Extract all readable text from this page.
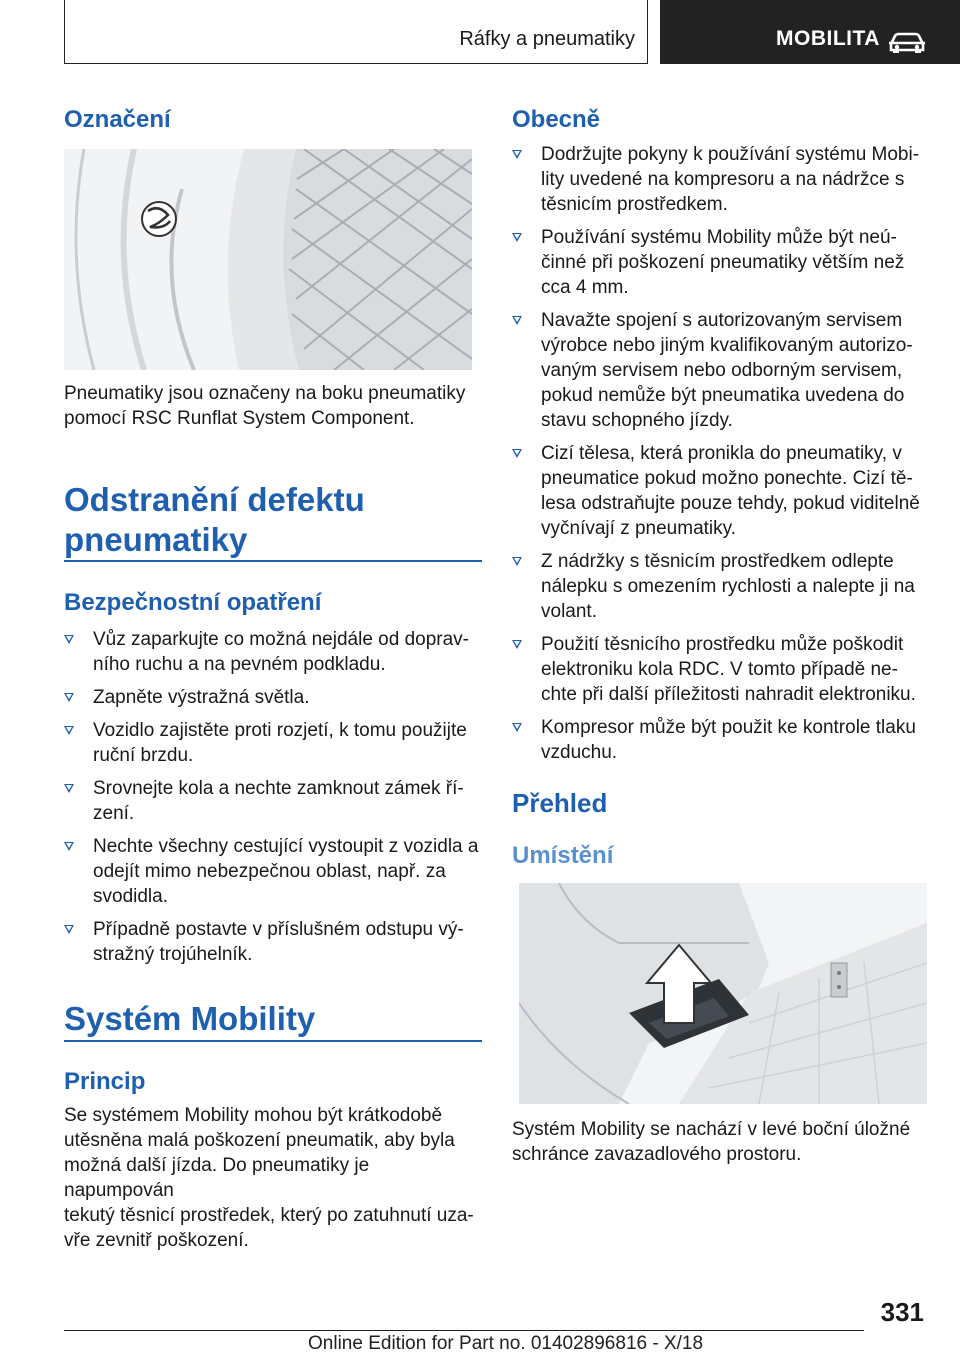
Ráfky a pneumatiky	MOBILITA
Označení

Pneumatiky jsou označeny na boku pneumatiky

pomocí RSC Runflat System Component.

Odstranění defektu
pneumatiky
Bezpečnostní opatření
Vůz zaparkujte co možná nejdále od doprav-
ního ruchu a na pevném podkladu.
Zapněte výstražná světla.
Vozidlo zajistěte proti rozjetí, k tomu použijte
ruční brzdu.
Srovnejte kola a nechte zamknout zámek ří-
zení.
Nechte všechny cestující vystoupit z vozidla a
odejít mimo nebezpečnou oblast, např. za
svodidla.
Případně postavte v příslušném odstupu vý-
stražný trojúhelník.
Systém Mobility
Princip

Se systémem Mobility mohou být krátkodobě

utěsněna malá poškození pneumatik, aby byla

možná další jízda. Do pneumatiky je napumpován

tekutý těsnicí prostředek, který po zatuhnutí uza-

vře zevnitř poškození.

Obecně
Dodržujte pokyny k používání systému Mobi-
lity uvedené na kompresoru a na nádržce s
těsnicím prostředkem.
Používání systému Mobility může být neú-
činné při poškození pneumatiky větším než
cca 4 mm.
Navažte spojení s autorizovaným servisem
výrobce nebo jiným kvalifikovaným autorizo-
vaným servisem nebo odborným servisem,
pokud nemůže být pneumatika uvedena do
stavu schopného jízdy.
Cizí tělesa, která pronikla do pneumatiky, v
pneumatice pokud možno ponechte. Cizí tě-
lesa odstraňujte pouze tehdy, pokud viditelně
vyčnívají z pneumatiky.
Z nádržky s těsnicím prostředkem odlepte
nálepku s omezením rychlosti a nalepte ji na
volant.
Použití těsnicího prostředku může poškodit
elektroniku kola RDC. V tomto případě ne-
chte při další příležitosti nahradit elektroniku.
Kompresor může být použit ke kontrole tlaku
vzduchu.
Přehled
Umístění

Systém Mobility se nachází v levé boční úložné

schránce zavazadlového prostoru.

331
Online Edition for Part no. 01402896816 - X/18
